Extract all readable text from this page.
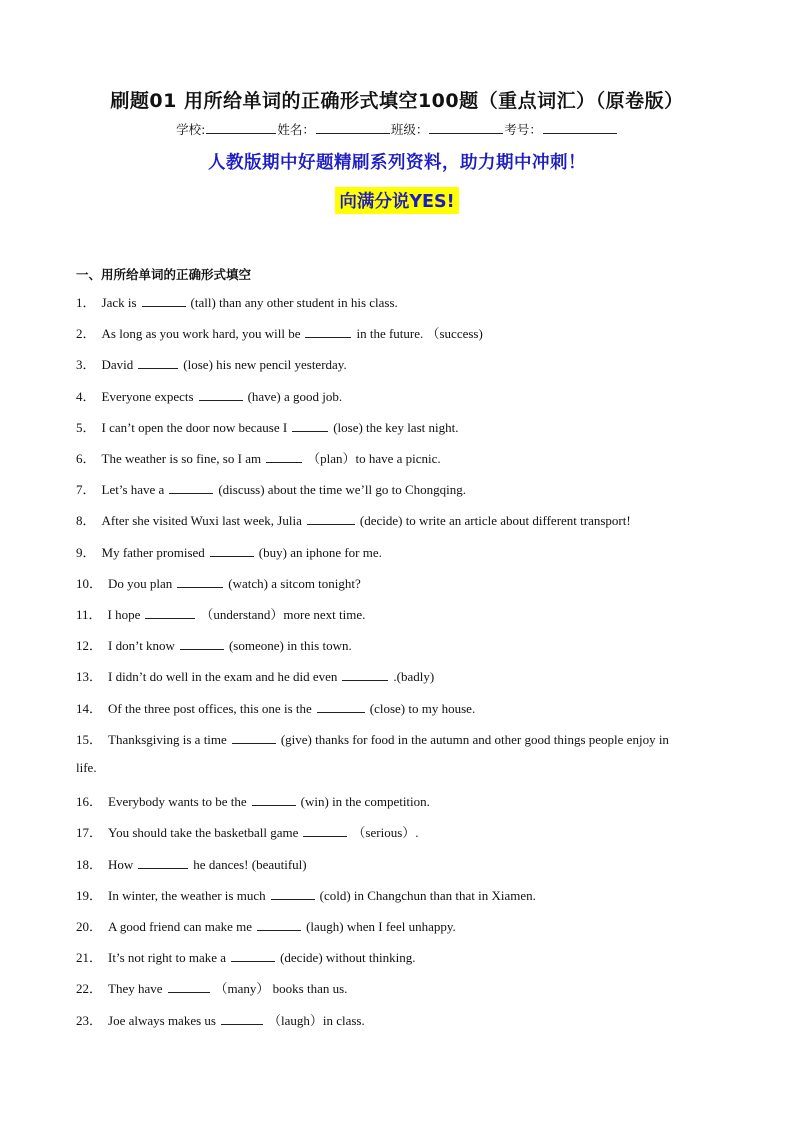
刷题01 用所给单词的正确形式填空100题（重点词汇）（原卷版）
学校:	姓名：	班级：	考号：
人教版期中好题精刷系列资料，助力期中冲刺！
向满分说YES!
一、用所给单词的正确形式填空
1． Jack is	(tall) than any other student in his class.
2． As long as you work hard, you will be	in the future. （success)
3． David	(lose) his new pencil yesterday.
4． Everyone expects	(have) a good job.
5． I can’t open the door now because I	(lose) the key last night.
6． The weather is so fine, so I am	（plan）to have a picnic.
7． Let’s have a	(discuss) about the time we’ll go to Chongqing.
8． After she visited Wuxi last week, Julia	(decide) to write an article about different transport!
9． My father promised	(buy) an iphone for me.
10． Do you plan	(watch) a sitcom tonight?
11． I hope	（understand）more next time.
12． I don’t know	(someone) in this town.
13． I didn’t do well in the exam and he did even	.(badly)
14． Of the three post offices, this one is the	(close) to my house.
15． Thanksgiving is a time	(give) thanks for food in the autumn and other good things people enjoy in
life.
16． Everybody wants to be the	(win) in the competition.
17． You should take the basketball game	（serious）.
18． How	he dances! (beautiful)
19． In winter, the weather is much	(cold) in Changchun than that in Xiamen.
20． A good friend can make me	(laugh) when I feel unhappy.
21． It’s not right to make a	(decide) without thinking.
22． They have	（many） books than us.
23． Joe always makes us	（laugh）in class.
